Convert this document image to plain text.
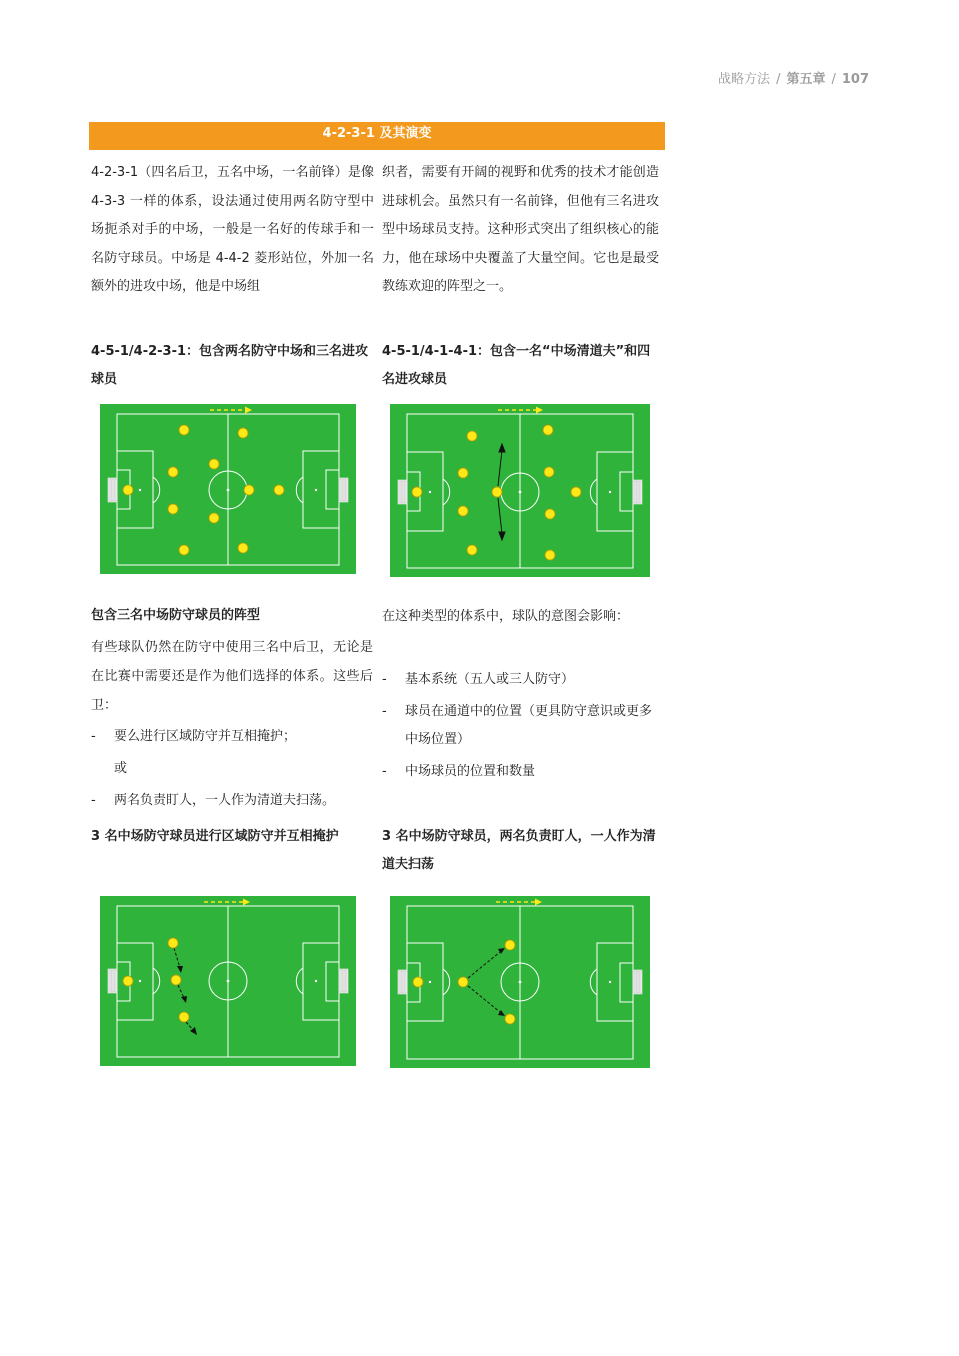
战略方法 / 第五章 / 107
4-2-3-1 及其演变

4-2-3-1（四名后卫，五名中场，一名前锋）是像 4-3-3 一样的体系，设法通过使用两名防守型中场扼杀对手的中场，一般是一名好的传球手和一名防守球员。中场是 4-4-2 菱形站位，外加一名额外的进攻中场，他是中场组

织者，需要有开阔的视野和优秀的技术才能创造进球机会。虽然只有一名前锋，但他有三名进攻型中场球员支持。这种形式突出了组织核心的能力，他在球场中央覆盖了大量空间。它也是最受教练欢迎的阵型之一。

4-5-1/4-2-3-1：包含两名防守中场和三名进攻球员

4-5-1/4-1-4-1：包含一名“中场清道夫”和四名进攻球员

包含三名中场防守球员的阵型

有些球队仍然在防守中使用三名中后卫，无论是在比赛中需要还是作为他们选择的体系。这些后卫：

- 要么进行区域防守并互相掩护；
或
- 两名负责盯人，一人作为清道夫扫荡。

在这种类型的体系中，球队的意图会影响：

- 基本系统（五人或三人防守）
- 球员在通道中的位置（更具防守意识或更多中场位置）
- 中场球员的位置和数量

3 名中场防守球员进行区域防守并互相掩护	3 名中场防守球员，两名负责盯人，一人作为清道夫扫荡
